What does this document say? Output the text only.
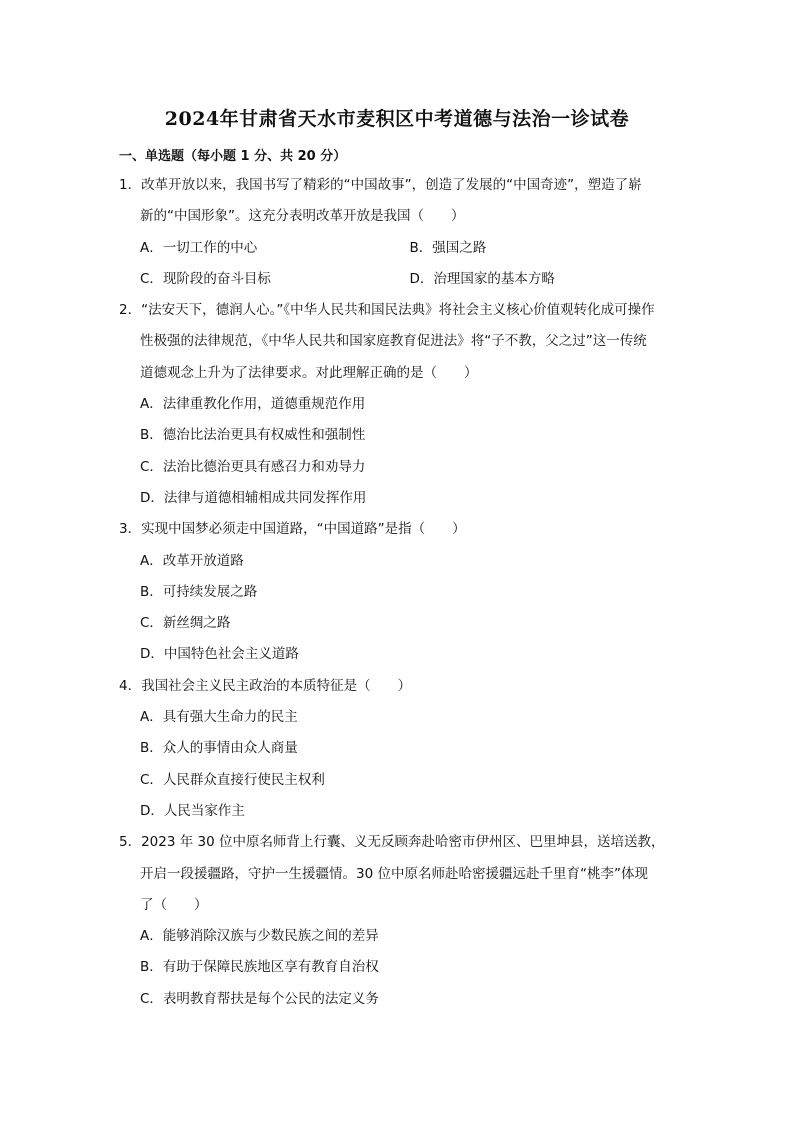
2024年甘肃省天水市麦积区中考道德与法治一诊试卷
一、单选题（每小题 1 分、共 20 分）
1．改革开放以来，我国书写了精彩的“中国故事”，创造了发展的“中国奇迹”，塑造了崭
新的“中国形象”。这充分表明改革开放是我国（　　）
A．一切工作的中心	B．强国之路
C．现阶段的奋斗目标	D．治理国家的基本方略
2．“法安天下，德润人心。”《中华人民共和国民法典》将社会主义核心价值观转化成可操作
性极强的法律规范，《中华人民共和国家庭教育促进法》将“子不教，父之过”这一传统
道德观念上升为了法律要求。对此理解正确的是（　　）
A．法律重教化作用，道德重规范作用
B．德治比法治更具有权威性和强制性
C．法治比德治更具有感召力和劝导力
D．法律与道德相辅相成共同发挥作用
3．实现中国梦必须走中国道路，“中国道路”是指（　　）
A．改革开放道路
B．可持续发展之路
C．新丝绸之路
D．中国特色社会主义道路
4．我国社会主义民主政治的本质特征是（　　）
A．具有强大生命力的民主
B．众人的事情由众人商量
C．人民群众直接行使民主权利
D．人民当家作主
5．2023 年 30 位中原名师背上行囊、义无反顾奔赴哈密市伊州区、巴里坤县，送培送教，
开启一段援疆路，守护一生援疆情。30 位中原名师赴哈密援疆远赴千里育“桃李”体现
了（　　）
A．能够消除汉族与少数民族之间的差异
B．有助于保障民族地区享有教育自治权
C．表明教育帮扶是每个公民的法定义务
